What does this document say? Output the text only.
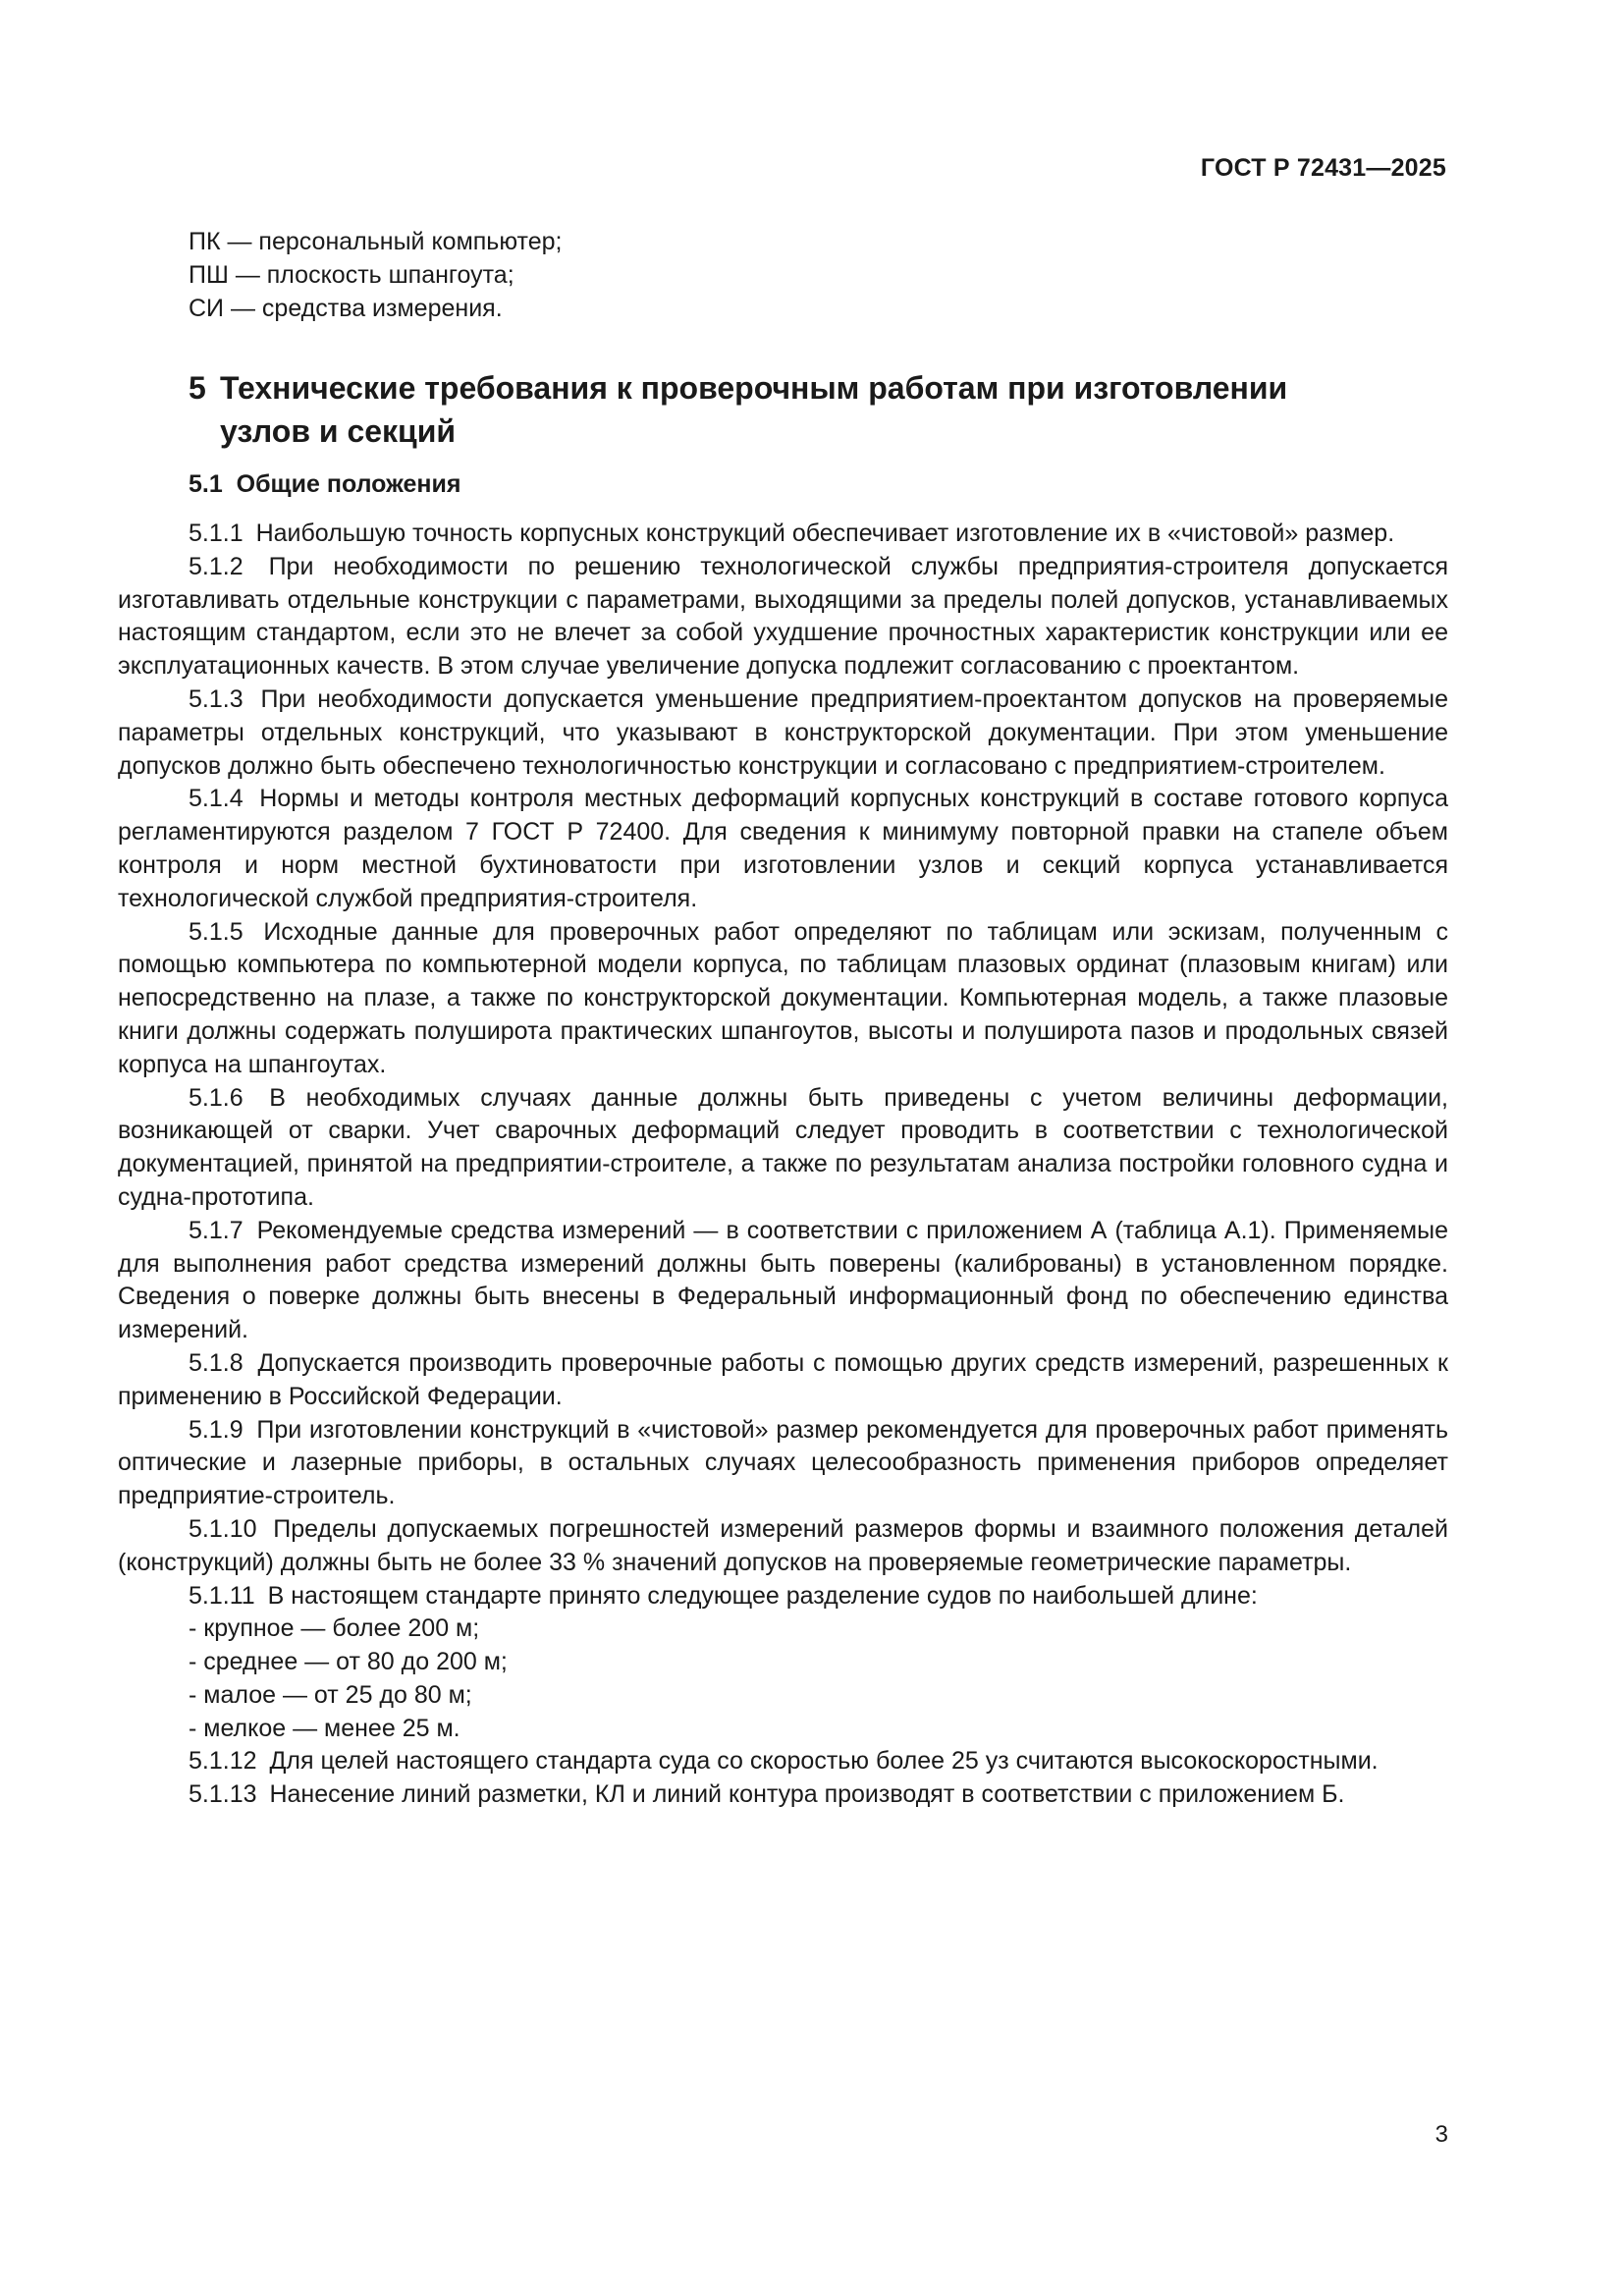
ГОСТ Р 72431—2025
ПК — персональный компьютер;
ПШ — плоскость шпангоута;
СИ — средства измерения.
5 Технические требования к проверочным работам при изготовлении
узлов и секций
5.1 Общие положения

5.1.1 Наибольшую точность корпусных конструкций обеспечивает изготовление их в «чистовой» размер.

5.1.2 При необходимости по решению технологической службы предприятия-строителя допускается изготавливать отдельные конструкции с параметрами, выходящими за пределы полей допусков, устанавливаемых настоящим стандартом, если это не влечет за собой ухудшение прочностных характеристик конструкции или ее эксплуатационных качеств. В этом случае увеличение допуска подлежит согласованию с проектантом.

5.1.3 При необходимости допускается уменьшение предприятием-проектантом допусков на проверяемые параметры отдельных конструкций, что указывают в конструкторской документации. При этом уменьшение допусков должно быть обеспечено технологичностью конструкции и согласовано с предприятием-строителем.

5.1.4 Нормы и методы контроля местных деформаций корпусных конструкций в составе готового корпуса регламентируются разделом 7 ГОСТ Р 72400. Для сведения к минимуму повторной правки на стапеле объем контроля и норм местной бухтиноватости при изготовлении узлов и секций корпуса устанавливается технологической службой предприятия-строителя.

5.1.5 Исходные данные для проверочных работ определяют по таблицам или эскизам, полученным с помощью компьютера по компьютерной модели корпуса, по таблицам плазовых ординат (плазовым книгам) или непосредственно на плазе, а также по конструкторской документации. Компьютерная модель, а также плазовые книги должны содержать полуширота практических шпангоутов, высоты и полуширота пазов и продольных связей корпуса на шпангоутах.

5.1.6 В необходимых случаях данные должны быть приведены с учетом величины деформации, возникающей от сварки. Учет сварочных деформаций следует проводить в соответствии с технологической документацией, принятой на предприятии-строителе, а также по результатам анализа постройки головного судна и судна-прототипа.

5.1.7 Рекомендуемые средства измерений — в соответствии с приложением А (таблица А.1). Применяемые для выполнения работ средства измерений должны быть поверены (калиброваны) в установленном порядке. Сведения о поверке должны быть внесены в Федеральный информационный фонд по обеспечению единства измерений.

5.1.8 Допускается производить проверочные работы с помощью других средств измерений, разрешенных к применению в Российской Федерации.

5.1.9 При изготовлении конструкций в «чистовой» размер рекомендуется для проверочных работ применять оптические и лазерные приборы, в остальных случаях целесообразность применения приборов определяет предприятие-строитель.

5.1.10 Пределы допускаемых погрешностей измерений размеров формы и взаимного положения деталей (конструкций) должны быть не более 33 % значений допусков на проверяемые геометрические параметры.

5.1.11 В настоящем стандарте принято следующее разделение судов по наибольшей длине:

- крупное — более 200 м;
- среднее — от 80 до 200 м;
- малое — от 25 до 80 м;
- мелкое — менее 25 м.

5.1.12 Для целей настоящего стандарта суда со скоростью более 25 уз считаются высокоскоростными.

5.1.13 Нанесение линий разметки, КЛ и линий контура производят в соответствии с приложением Б.

3
